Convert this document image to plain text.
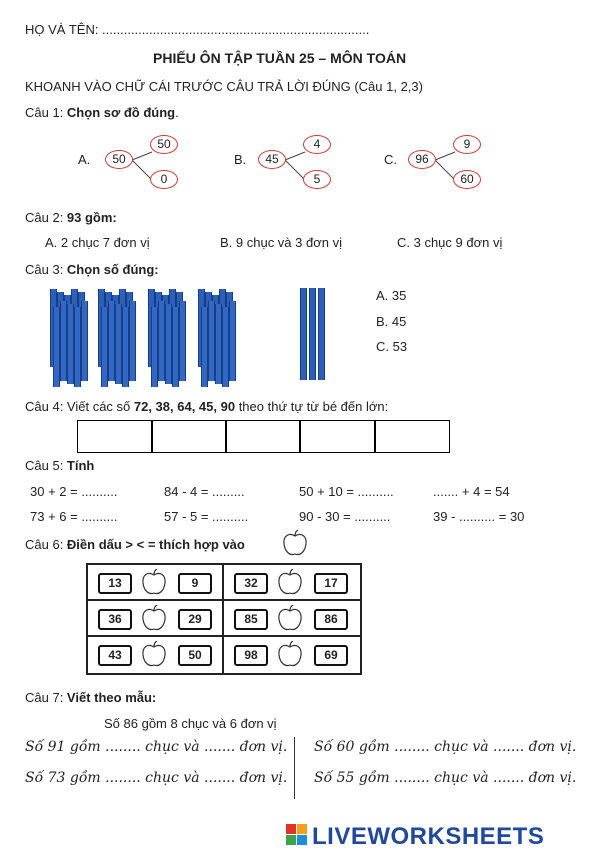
HỌ VÀ TÊN: ..........................................................................
PHIẾU ÔN TẬP TUẦN 25 – MÔN TOÁN
KHOANH VÀO CHỮ CÁI TRƯỚC CÂU TRẢ LỜI ĐÚNG (Câu 1, 2,3)
Câu 1: Chọn sơ đồ đúng.
A.	50
50
0
B.	45
4
5
C.	96
9
60
Câu 2: 93 gồm:
A. 2 chục 7 đơn vị	B. 9 chục và 3 đơn vị	C. 3 chục 9 đơn vị
Câu 3: Chọn số đúng:
A. 35
B. 45
C. 53
Câu 4: Viết các số 72, 38, 64, 45, 90 theo thứ tự từ bé đến lớn:
Câu 5: Tính
30 + 2 = ..........	84 - 4 = .........	50 + 10 = ..........	....... + 4 = 54
73 + 6 = ..........	57 - 5 = ..........	90 - 30 = ..........	39 - .......... = 30
Câu 6: Điền dấu > < = thích hợp vào
13	9	32	17
36	29	85	86
43	50	98	69
Câu 7: Viết theo mẫu:
Số 86 gồm 8 chục và 6 đơn vị
Số 91 gồm ........ chục và ....... đơn vị. Số 60 gồm ........ chục và ....... đơn vị.
Số 73 gồm ........ chục và ....... đơn vị. Số 55 gồm ........ chục và ....... đơn vị.
LIVEWORKSHEETS
